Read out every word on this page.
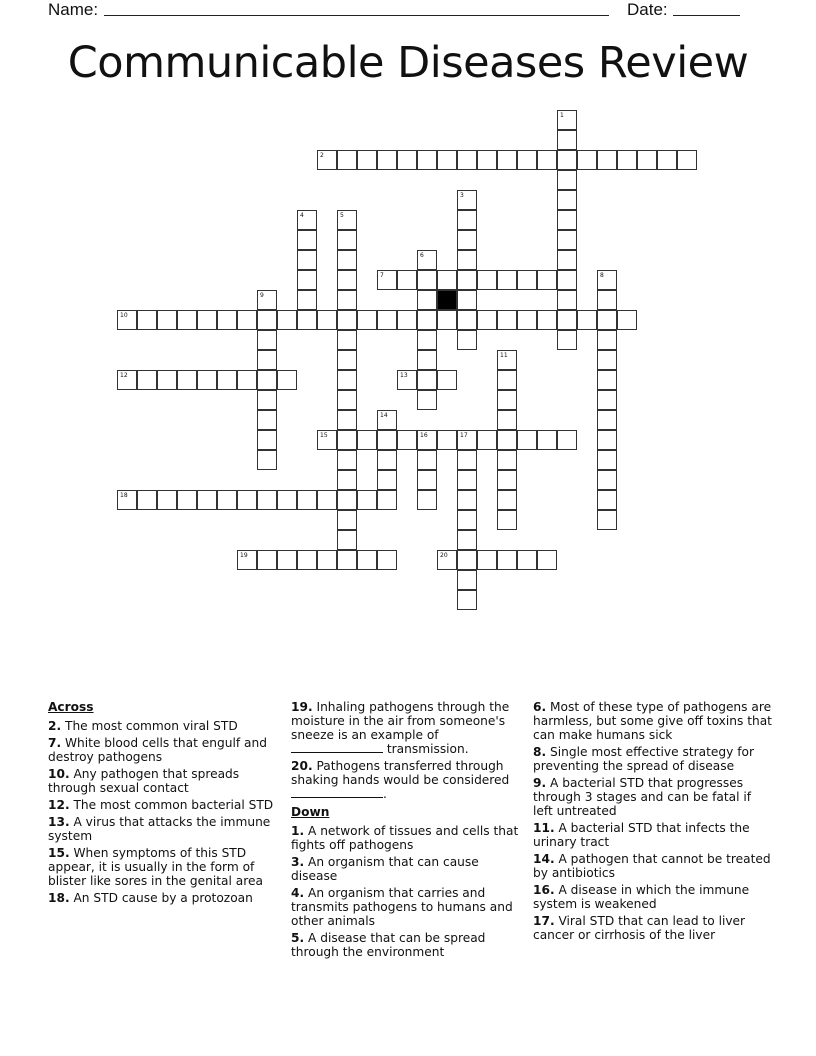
Name:	Date:
Communicable Diseases Review
1
2
3
4	5
6
7	8
9
10
11
12	13
14
15	16	17
18
19	20
Across
2. The most common viral STD
7. White blood cells that engulf and destroy pathogens
10. Any pathogen that spreads through sexual contact
12. The most common bacterial STD
13. A virus that attacks the immune system
15. When symptoms of this STD appear, it is usually in the form of blister like sores in the genital area
18. An STD cause by a protozoan
19. Inhaling pathogens through the moisture in the air from someone's sneeze is an example of  transmission.
20. Pathogens transferred through shaking hands would be considered .
Down
1. A network of tissues and cells that fights off pathogens
3. An organism that can cause disease
4. An organism that carries and transmits pathogens to humans and other animals
5. A disease that can be spread through the environment
6. Most of these type of pathogens are harmless, but some give off toxins that can make humans sick
8. Single most effective strategy for preventing the spread of disease
9. A bacterial STD that progresses through 3 stages and can be fatal if left untreated
11. A bacterial STD that infects the urinary tract
14. A pathogen that cannot be treated by antibiotics
16. A disease in which the immune system is weakened
17. Viral STD that can lead to liver cancer or cirrhosis of the liver
